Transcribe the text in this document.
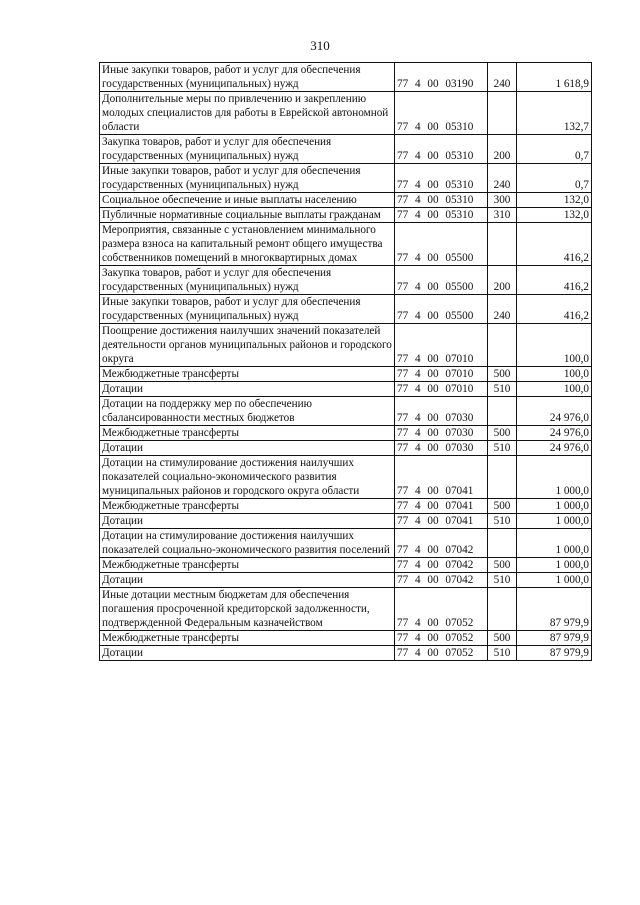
310
Иные закупки товаров, работ и услуг для обеспечения государственных (муниципальных) нужд	77 4 00 03190	240	1 618,9
Дополнительные меры по привлечению и закреплению молодых специалистов для работы в Еврейской автономной области	77 4 00 05310		132,7
Закупка товаров, работ и услуг для обеспечения государственных (муниципальных) нужд	77 4 00 05310	200	0,7
Иные закупки товаров, работ и услуг для обеспечения государственных (муниципальных) нужд	77 4 00 05310	240	0,7
Социальное обеспечение и иные выплаты населению	77 4 00 05310	300	132,0
Публичные нормативные социальные выплаты гражданам	77 4 00 05310	310	132,0
Мероприятия, связанные с установлением минимального размера взноса на капитальный ремонт общего имущества собственников помещений в многоквартирных домах	77 4 00 05500		416,2
Закупка товаров, работ и услуг для обеспечения государственных (муниципальных) нужд	77 4 00 05500	200	416,2
Иные закупки товаров, работ и услуг для обеспечения государственных (муниципальных) нужд	77 4 00 05500	240	416,2
Поощрение достижения наилучших значений показателей деятельности органов муниципальных районов и городского округа	77 4 00 07010		100,0
Межбюджетные трансферты	77 4 00 07010	500	100,0
Дотации	77 4 00 07010	510	100,0
Дотации на поддержку мер по обеспечению сбалансированности местных бюджетов	77 4 00 07030		24 976,0
Межбюджетные трансферты	77 4 00 07030	500	24 976,0
Дотации	77 4 00 07030	510	24 976,0
Дотации на стимулирование достижения наилучших показателей социально-экономического развития муниципальных районов и городского округа области	77 4 00 07041		1 000,0
Межбюджетные трансферты	77 4 00 07041	500	1 000,0
Дотации	77 4 00 07041	510	1 000,0
Дотации на стимулирование достижения наилучших показателей социально-экономического развития поселений	77 4 00 07042		1 000,0
Межбюджетные трансферты	77 4 00 07042	500	1 000,0
Дотации	77 4 00 07042	510	1 000,0
Иные дотации местным бюджетам для обеспечения погашения просроченной кредиторской задолженности, подтвержденной Федеральным казначейством	77 4 00 07052		87 979,9
Межбюджетные трансферты	77 4 00 07052	500	87 979,9
Дотации	77 4 00 07052	510	87 979,9
